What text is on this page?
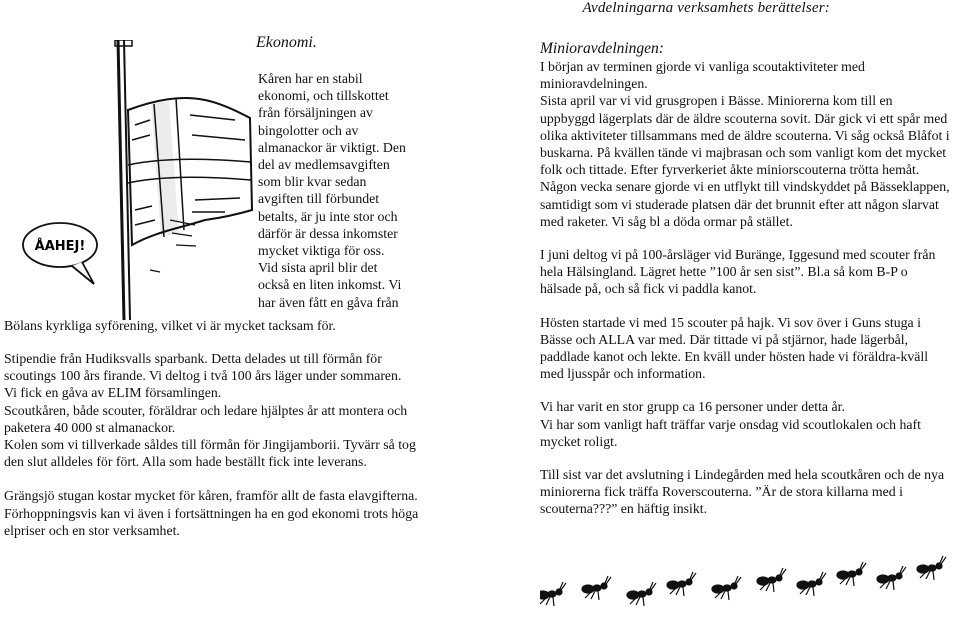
Avdelningarna verksamhets berättelser:
ÅAHEJ!
Ekonomi.
Kåren har en stabil
ekonomi, och tillskottet
från försäljningen av
bingolotter och av
almanackor är viktigt. Den
del av medlemsavgiften
som blir kvar sedan
avgiften till förbundet
betalts, är ju inte stor och
därför är dessa inkomster
mycket viktiga för oss.
Vid sista april blir det
också en liten inkomst. Vi
har även fått en gåva från
Bölans kyrkliga syförening, vilket vi är mycket tacksam för.

Stipendie från Hudiksvalls sparbank. Detta delades ut till förmån för scoutings 100 års firande. Vi deltog i två 100 års läger under sommaren.

Vi fick en gåva av ELIM församlingen.

Scoutkåren, både scouter, föräldrar och ledare hjälptes år att montera och paketera 40 000 st almanackor.

Kolen som vi tillverkade såldes till förmån för Jingijamborii. Tyvärr så tog den slut alldeles för fört. Alla som hade beställt fick inte leverans.

Grängsjö stugan kostar mycket för kåren, framför allt de fasta elavgifterna.

Förhoppningsvis kan vi även i fortsättningen ha en god ekonomi trots höga elpriser och en stor verksamhet.

Minioravdelningen:

I början av terminen gjorde vi vanliga scoutaktiviteter med minioravdelningen.

Sista april var vi vid grusgropen i Bässe. Miniorerna kom till en uppbyggd lägerplats där de äldre scouterna sovit. Där gick vi ett spår med olika aktiviteter tillsammans med de äldre scouterna. Vi såg också Blåfot i buskarna. På kvällen tände vi majbrasan och som vanligt kom det mycket folk och tittade. Efter fyrverkeriet åkte miniorscouterna trötta hemåt.

Någon vecka senare gjorde vi en utflykt till vindskyddet på Bässeklappen, samtidigt som vi studerade platsen där det brunnit efter att någon slarvat med raketer. Vi såg bl a döda ormar på stället.

I juni deltog vi på 100-årsläger vid Buränge, Iggesund med scouter från hela Hälsingland. Lägret hette ”100 år sen sist”. Bl.a så kom B-P o hälsade på, och så fick vi paddla kanot.

Hösten startade vi med 15 scouter på hajk. Vi sov över i Guns stuga i Bässe och ALLA var med. Där tittade vi på stjärnor, hade lägerbål, paddlade kanot och lekte. En kväll under hösten hade vi föräldra-kväll med ljusspår och information.

Vi har varit en stor grupp ca 16 personer under detta år.

Vi har som vanligt haft träffar varje onsdag vid scoutlokalen och haft mycket roligt.

Till sist var det avslutning i Lindegården med hela scoutkåren och de nya miniorerna fick träffa Roverscouterna. ”Är de stora killarna med i scouterna???” en häftig insikt.
